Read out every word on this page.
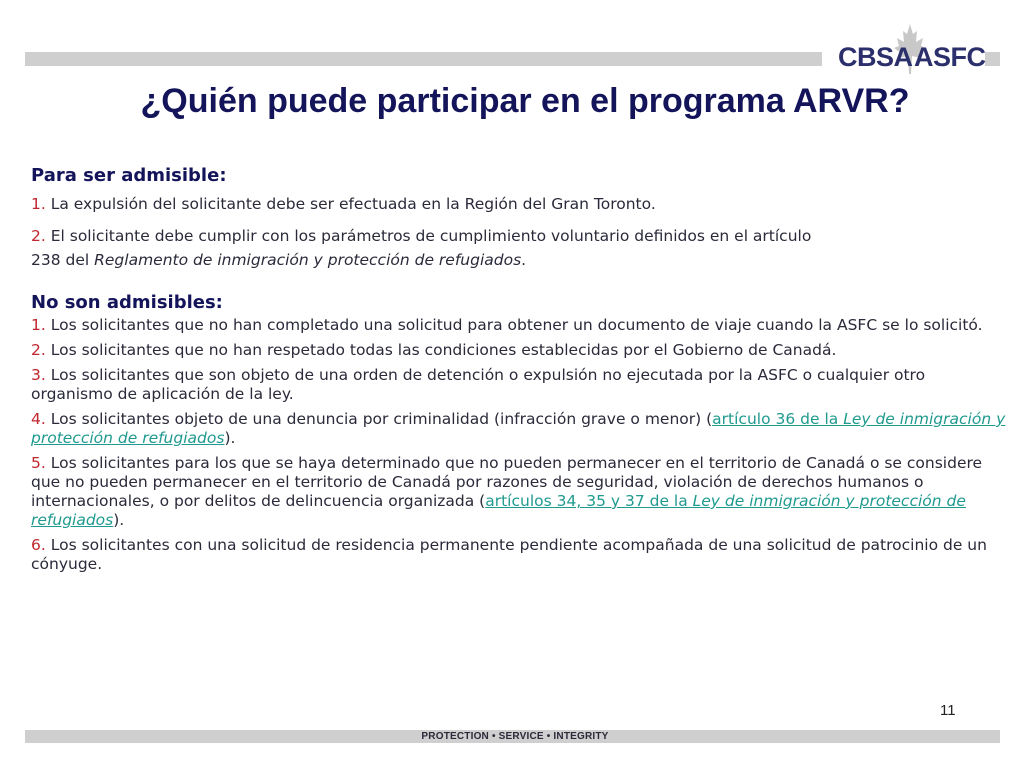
CBSA ASFC
¿Quién puede participar en el programa ARVR?

Para ser admisible:

1. La expulsión del solicitante debe ser efectuada en la Región del Gran Toronto.

2. El solicitante debe cumplir con los parámetros de cumplimiento voluntario definidos en el artículo
238 del Reglamento de inmigración y protección de refugiados.

No son admisibles:

1. Los solicitantes que no han completado una solicitud para obtener un documento de viaje cuando la ASFC se lo solicitó.

2. Los solicitantes que no han respetado todas las condiciones establecidas por el Gobierno de Canadá.

3. Los solicitantes que son objeto de una orden de detención o expulsión no ejecutada por la ASFC o cualquier otro organismo de aplicación de la ley.

4. Los solicitantes objeto de una denuncia por criminalidad (infracción grave o menor) (artículo 36 de la Ley de inmigración y protección de refugiados).

5. Los solicitantes para los que se haya determinado que no pueden permanecer en el territorio de Canadá o se considere que no pueden permanecer en el territorio de Canadá por razones de seguridad, violación de derechos humanos o internacionales, o por delitos de delincuencia organizada (artículos 34, 35 y 37 de la Ley de inmigración y protección de refugiados).

6. Los solicitantes con una solicitud de residencia permanente pendiente acompañada de una solicitud de patrocinio de un cónyuge.

11
PROTECTION • SERVICE • INTEGRITY
